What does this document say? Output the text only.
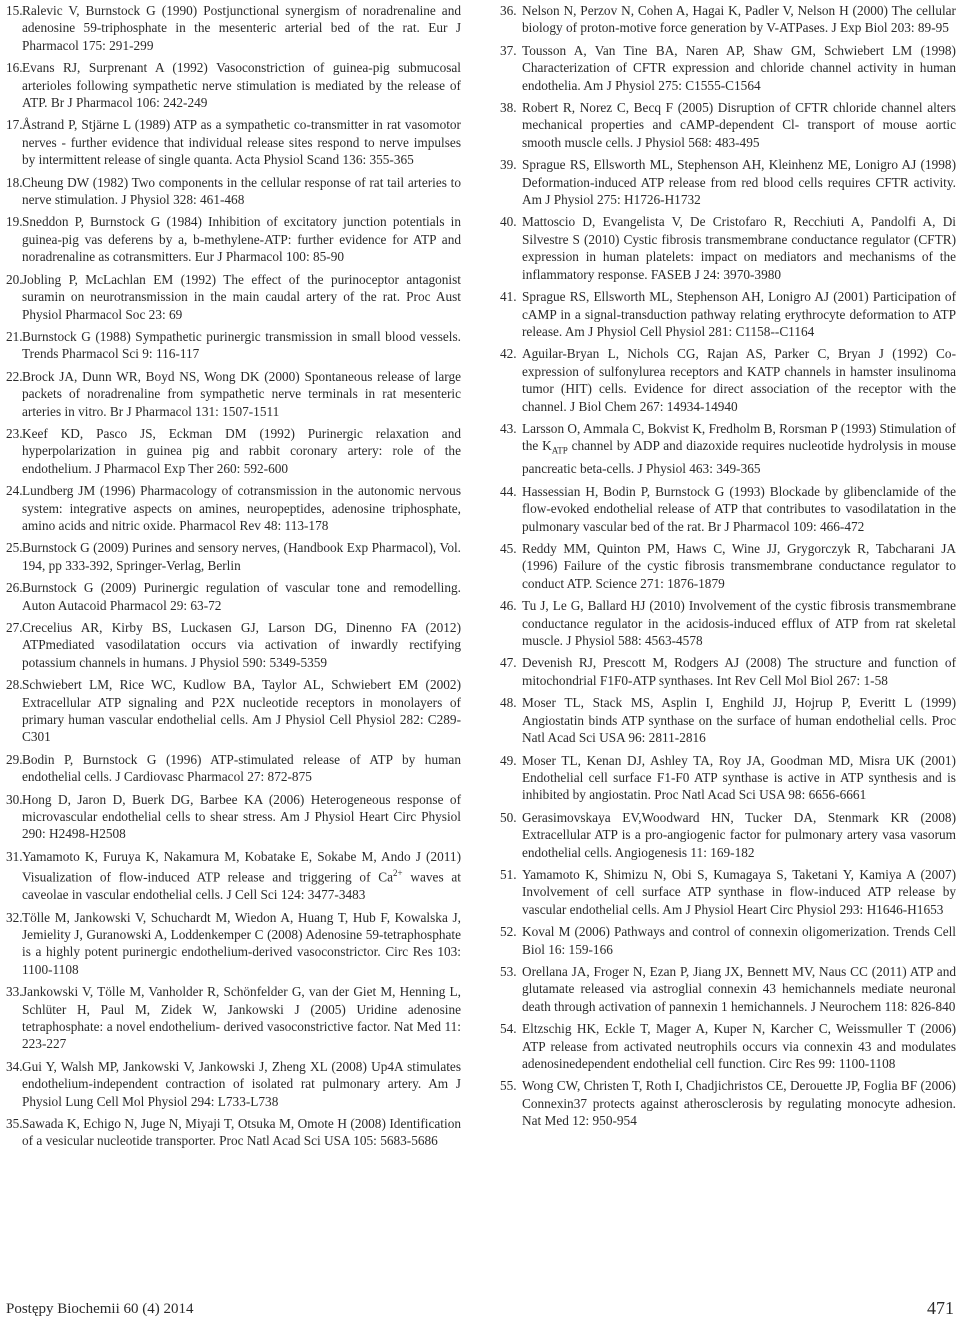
15. Ralevic V, Burnstock G (1990) Postjunctional synergism of noradrenaline and adenosine 59-triphosphate in the mesenteric arterial bed of the rat. Eur J Pharmacol 175: 291-299
16. Evans RJ, Surprenant A (1992) Vasoconstriction of guinea-pig submucosal arterioles following sympathetic nerve stimulation is mediated by the release of ATP. Br J Pharmacol 106: 242-249
17. Åstrand P, Stjärne L (1989) ATP as a sympathetic co-transmitter in rat vasomotor nerves - further evidence that individual release sites respond to nerve impulses by intermittent release of single quanta. Acta Physiol Scand 136: 355-365
18. Cheung DW (1982) Two components in the cellular response of rat tail arteries to nerve stimulation. J Physiol 328: 461-468
19. Sneddon P, Burnstock G (1984) Inhibition of excitatory junction potentials in guinea-pig vas deferens by a, b-methylene-ATP: further evidence for ATP and noradrenaline as cotransmitters. Eur J Pharmacol 100: 85-90
20. Jobling P, McLachlan EM (1992) The effect of the purinoceptor antagonist suramin on neurotransmission in the main caudal artery of the rat. Proc Aust Physiol Pharmacol Soc 23: 69
21. Burnstock G (1988) Sympathetic purinergic transmission in small blood vessels. Trends Pharmacol Sci 9: 116-117
22. Brock JA, Dunn WR, Boyd NS, Wong DK (2000) Spontaneous release of large packets of noradrenaline from sympathetic nerve terminals in rat mesenteric arteries in vitro. Br J Pharmacol 131: 1507-1511
23. Keef KD, Pasco JS, Eckman DM (1992) Purinergic relaxation and hyperpolarization in guinea pig and rabbit coronary artery: role of the endothelium. J Pharmacol Exp Ther 260: 592-600
24. Lundberg JM (1996) Pharmacology of cotransmission in the autonomic nervous system: integrative aspects on amines, neuropeptides, adenosine triphosphate, amino acids and nitric oxide. Pharmacol Rev 48: 113-178
25. Burnstock G (2009) Purines and sensory nerves, (Handbook Exp Pharmacol), Vol. 194, pp 333-392, Springer-Verlag, Berlin
26. Burnstock G (2009) Purinergic regulation of vascular tone and remodelling. Auton Autacoid Pharmacol 29: 63-72
27. Crecelius AR, Kirby BS, Luckasen GJ, Larson DG, Dinenno FA (2012) ATPmediated vasodilatation occurs via activation of inwardly rectifying potassium channels in humans. J Physiol 590: 5349-5359
28. Schwiebert LM, Rice WC, Kudlow BA, Taylor AL, Schwiebert EM (2002) Extracellular ATP signaling and P2X nucleotide receptors in monolayers of primary human vascular endothelial cells. Am J Physiol Cell Physiol 282: C289-C301
29. Bodin P, Burnstock G (1996) ATP-stimulated release of ATP by human endothelial cells. J Cardiovasc Pharmacol 27: 872-875
30. Hong D, Jaron D, Buerk DG, Barbee KA (2006) Heterogeneous response of microvascular endothelial cells to shear stress. Am J Physiol Heart Circ Physiol 290: H2498-H2508
31. Yamamoto K, Furuya K, Nakamura M, Kobatake E, Sokabe M, Ando J (2011) Visualization of flow-induced ATP release and triggering of $Ca^{2+}$ waves at caveolae in vascular endothelial cells. J Cell Sci 124: 3477-3483
32. Tölle M, Jankowski V, Schuchardt M, Wiedon A, Huang T, Hub F, Kowalska J, Jemielity J, Guranowski A, Loddenkemper C (2008) Adenosine 59-tetraphosphate is a highly potent purinergic endothelium-derived vasoconstrictor. Circ Res 103: 1100-1108
33. Jankowski V, Tölle M, Vanholder R, Schönfelder G, van der Giet M, Henning L, Schlüter H, Paul M, Zidek W, Jankowski J (2005) Uridine adenosine tetraphosphate: a novel endothelium- derived vasoconstrictive factor. Nat Med 11: 223-227
34. Gui Y, Walsh MP, Jankowski V, Jankowski J, Zheng XL (2008) Up4A stimulates endothelium-independent contraction of isolated rat pulmonary artery. Am J Physiol Lung Cell Mol Physiol 294: L733-L738
35. Sawada K, Echigo N, Juge N, Miyaji T, Otsuka M, Omote H (2008) Identification of a vesicular nucleotide transporter. Proc Natl Acad Sci USA 105: 5683-5686
36. Nelson N, Perzov N, Cohen A, Hagai K, Padler V, Nelson H (2000) The cellular biology of proton-motive force generation by V-ATPases. J Exp Biol 203: 89-95
37. Tousson A, Van Tine BA, Naren AP, Shaw GM, Schwiebert LM (1998) Characterization of CFTR expression and chloride channel activity in human endothelia. Am J Physiol 275: C1555-C1564
38. Robert R, Norez C, Becq F (2005) Disruption of CFTR chloride channel alters mechanical properties and cAMP-dependent Cl- transport of mouse aortic smooth muscle cells. J Physiol 568: 483-495
39. Sprague RS, Ellsworth ML, Stephenson AH, Kleinhenz ME, Lonigro AJ (1998) Deformation-induced ATP release from red blood cells requires CFTR activity. Am J Physiol 275: H1726-H1732
40. Mattoscio D, Evangelista V, De Cristofaro R, Recchiuti A, Pandolfi A, Di Silvestre S (2010) Cystic fibrosis transmembrane conductance regulator (CFTR) expression in human platelets: impact on mediators and mechanisms of the inflammatory response. FASEB J 24: 3970-3980
41. Sprague RS, Ellsworth ML, Stephenson AH, Lonigro AJ (2001) Participation of cAMP in a signal-transduction pathway relating erythrocyte deformation to ATP release. Am J Physiol Cell Physiol 281: C1158--C1164
42. Aguilar-Bryan L, Nichols CG, Rajan AS, Parker C, Bryan J (1992) Co-expression of sulfonylurea receptors and KATP channels in hamster insulinoma tumor (HIT) cells. Evidence for direct association of the receptor with the channel. J Biol Chem 267: 14934-14940
43. Larsson O, Ammala C, Bokvist K, Fredholm B, Rorsman P (1993) Stimulation of the $K_{ATP}$ channel by ADP and diazoxide requires nucleotide hydrolysis in mouse pancreatic beta-cells. J Physiol 463: 349-365
44. Hassessian H, Bodin P, Burnstock G (1993) Blockade by glibenclamide of the flow-evoked endothelial release of ATP that contributes to vasodilatation in the pulmonary vascular bed of the rat. Br J Pharmacol 109: 466-472
45. Reddy MM, Quinton PM, Haws C, Wine JJ, Grygorczyk R, Tabcharani JA (1996) Failure of the cystic fibrosis transmembrane conductance regulator to conduct ATP. Science 271: 1876-1879
46. Tu J, Le G, Ballard HJ (2010) Involvement of the cystic fibrosis transmembrane conductance regulator in the acidosis-induced efflux of ATP from rat skeletal muscle. J Physiol 588: 4563-4578
47. Devenish RJ, Prescott M, Rodgers AJ (2008) The structure and function of mitochondrial F1F0-ATP synthases. Int Rev Cell Mol Biol 267: 1-58
48. Moser TL, Stack MS, Asplin I, Enghild JJ, Hojrup P, Everitt L (1999) Angiostatin binds ATP synthase on the surface of human endothelial cells. Proc Natl Acad Sci USA 96: 2811-2816
49. Moser TL, Kenan DJ, Ashley TA, Roy JA, Goodman MD, Misra UK (2001) Endothelial cell surface F1-F0 ATP synthase is active in ATP synthesis and is inhibited by angiostatin. Proc Natl Acad Sci USA 98: 6656-6661
50. Gerasimovskaya EV,Woodward HN, Tucker DA, Stenmark KR (2008) Extracellular ATP is a pro-angiogenic factor for pulmonary artery vasa vasorum endothelial cells. Angiogenesis 11: 169-182
51. Yamamoto K, Shimizu N, Obi S, Kumagaya S, Taketani Y, Kamiya A (2007) Involvement of cell surface ATP synthase in flow-induced ATP release by vascular endothelial cells. Am J Physiol Heart Circ Physiol 293: H1646-H1653
52. Koval M (2006) Pathways and control of connexin oligomerization. Trends Cell Biol 16: 159-166
53. Orellana JA, Froger N, Ezan P, Jiang JX, Bennett MV, Naus CC (2011) ATP and glutamate released via astroglial connexin 43 hemichannels mediate neuronal death through activation of pannexin 1 hemichannels. J Neurochem 118: 826-840
54. Eltzschig HK, Eckle T, Mager A, Kuper N, Karcher C, Weissmuller T (2006) ATP release from activated neutrophils occurs via connexin 43 and modulates adenosinedependent endothelial cell function. Circ Res 99: 1100-1108
55. Wong CW, Christen T, Roth I, Chadjichristos CE, Derouette JP, Foglia BF (2006) Connexin37 protects against atherosclerosis by regulating monocyte adhesion. Nat Med 12: 950-954
Postępy Biochemii 60 (4) 2014	471
